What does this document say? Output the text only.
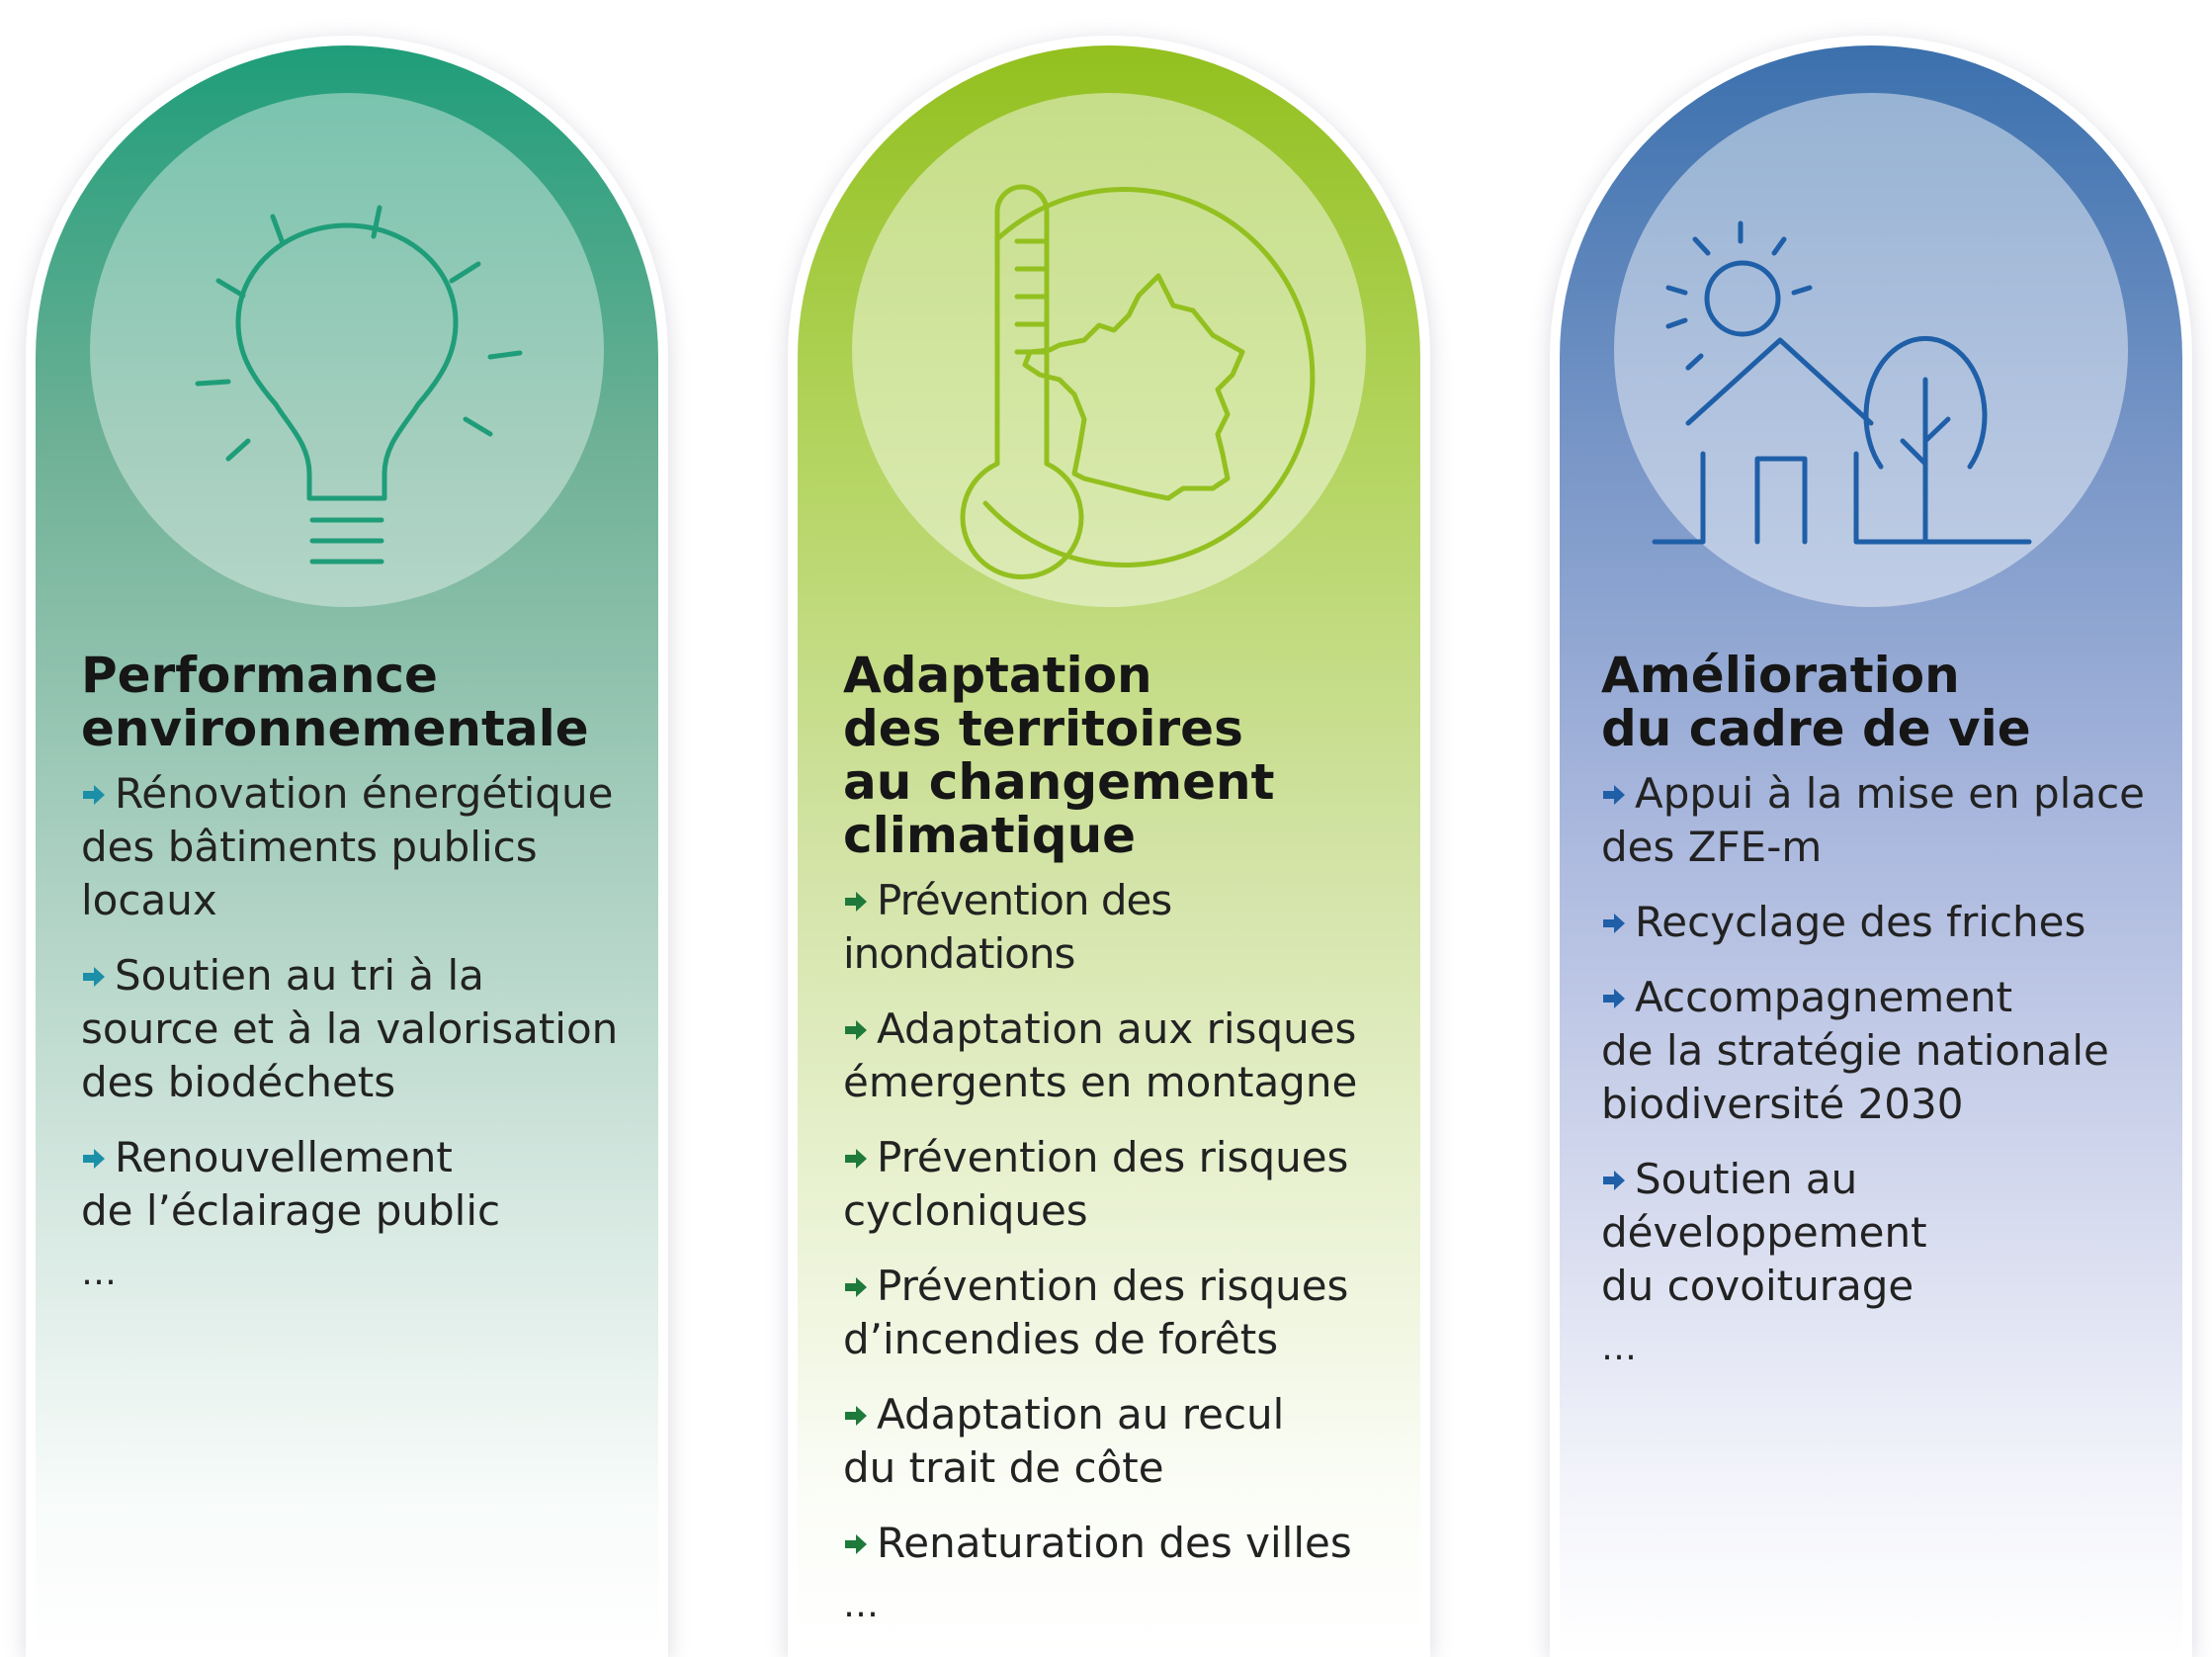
Performance
environnementale
Rénovation énergétique
des bâtiments publics
locaux
Soutien au tri à la
source et à la valorisation
des biodéchets
Renouvellement
de l’éclairage public
…
Adaptation
des territoires
au changement
climatique
Prévention des inondations
Adaptation aux risques
émergents en montagne
Prévention des risques
cycloniques
Prévention des risques
d’incendies de forêts
Adaptation au recul
du trait de côte
Renaturation des villes
…
Amélioration
du cadre de vie
Appui à la mise en place
des ZFE-m
Recyclage des friches
Accompagnement
de la stratégie nationale
biodiversité 2030
Soutien au
développement
du covoiturage
…
